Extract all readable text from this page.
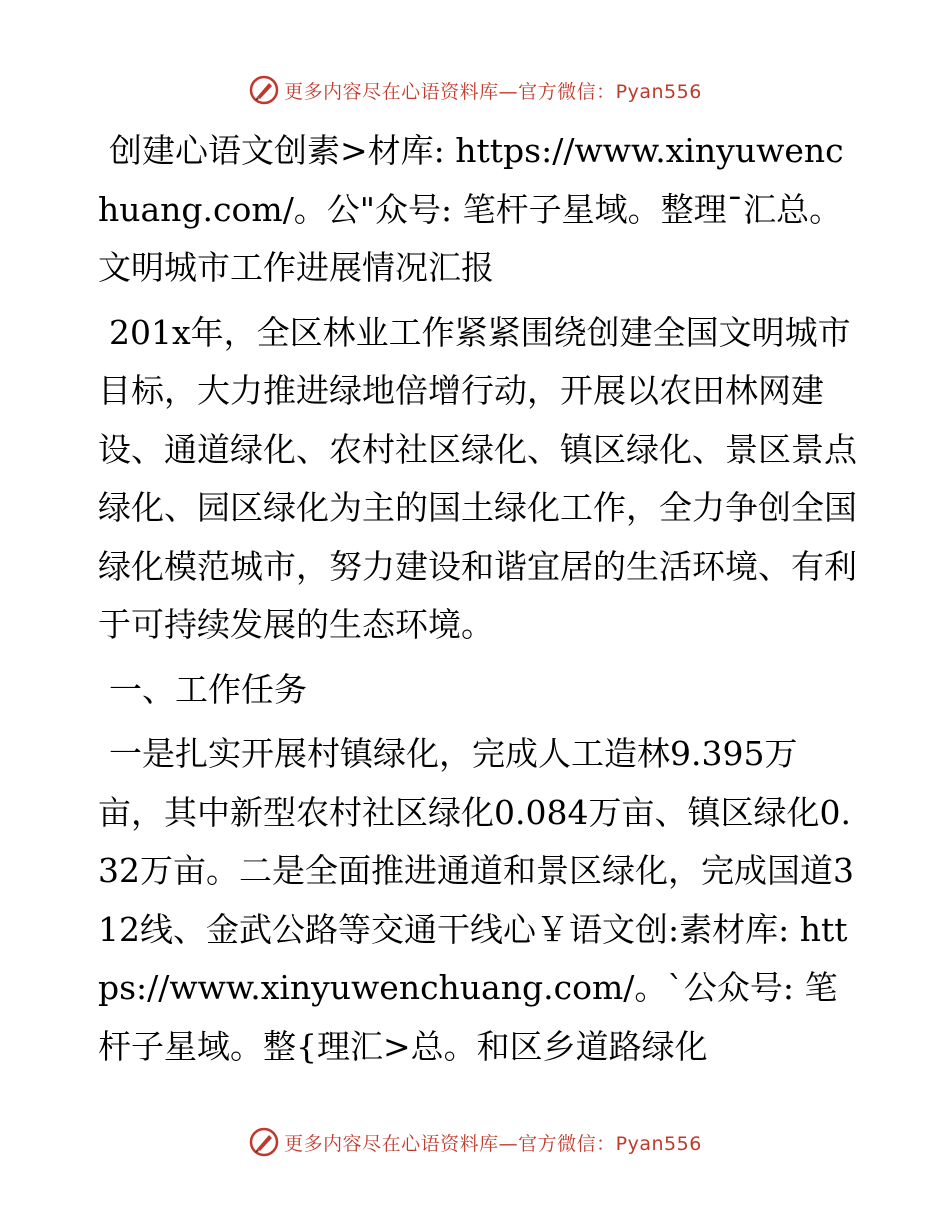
更多内容尽在心语资料库—官方微信：Pyan556

创建心语文创素>材库: https://www.xinyuwenchuang.com/。公"众号: 笔杆子星域。整理¯汇总。文明城市工作进展情况汇报

201x年，全区林业工作紧紧围绕创建全国文明城市目标，大力推进绿地倍增行动，开展以农田林网建设、通道绿化、农村社区绿化、镇区绿化、景区景点绿化、园区绿化为主的国土绿化工作，全力争创全国绿化模范城市，努力建设和谐宜居的生活环境、有利于可持续发展的生态环境。

一、工作任务

一是扎实开展村镇绿化，完成人工造林9.395万亩，其中新型农村社区绿化0.084万亩、镇区绿化0.32万亩。二是全面推进通道和景区绿化，完成国道312线、金武公路等交通干线心￥语文创:素材库: https://www.xinyuwenchuang.com/。`公众号: 笔杆子星域。整{理汇>总。和区乡道路绿化

更多内容尽在心语资料库—官方微信：Pyan556
